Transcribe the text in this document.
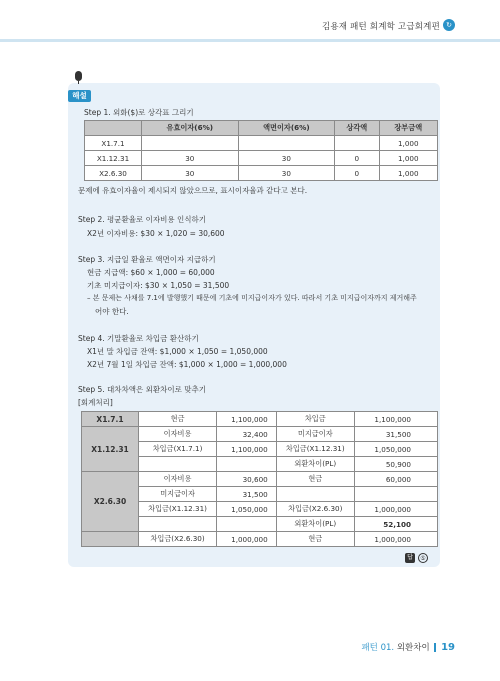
김용재 패턴 회계학 고급회계편 ↻
해설
Step 1. 외화($)로 상각표 그리기
	유효이자(6%)	액면이자(6%)	상각액	장부금액
X1.7.1				1,000
X1.12.31	30	30	0	1,000
X2.6.30	30	30	0	1,000
문제에 유효이자율이 제시되지 않았으므로, 표시이자율과 같다고 본다.
Step 2. 평균환율로 이자비용 인식하기
X2년 이자비용: $30 × 1,020 = 30,600
Step 3. 지급일 환율로 액면이자 지급하기
현금 지급액: $60 × 1,000 = 60,000
기초 미지급이자: $30 × 1,050 = 31,500
– 본 문제는 사채를 7.1에 발행했기 때문에 기초에 미지급이자가 있다. 따라서 기초 미지급이자까지 제거해주
어야 한다.
Step 4. 기말환율로 차입금 환산하기
X1년 말 차입금 잔액: $1,000 × 1,050 = 1,050,000
X2년 7월 1일 차입금 잔액: $1,000 × 1,000 = 1,000,000
Step 5. 대차차액은 외환차이로 맞추기
[회계처리]
X1.7.1	현금	1,100,000	차입금	1,100,000
X1.12.31	이자비용	32,400	미지급이자	31,500
	차입금(X1.7.1)	1,100,000	차입금(X1.12.31)	1,050,000
			외환차이(PL)	50,900
X2.6.30	이자비용	30,600	현금	60,000
	미지급이자	31,500		
	차입금(X1.12.31)	1,050,000	차입금(X2.6.30)	1,000,000
			외환차이(PL)	52,100
	차입금(X2.6.30)	1,000,000	현금	1,000,000
답	⑤
패턴 01. 외환차이 19
